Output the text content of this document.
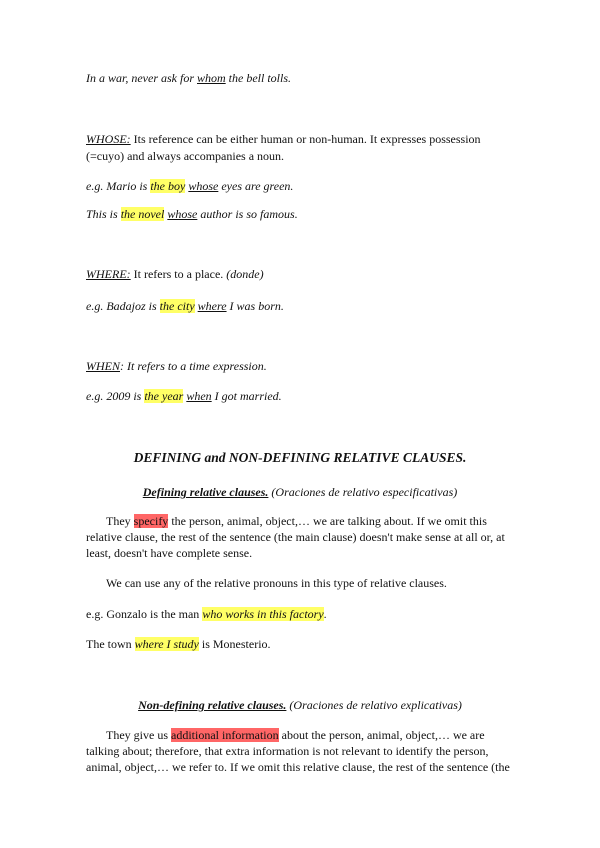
In a war, never ask for whom the bell tolls.
WHOSE: Its reference can be either human or non-human. It expresses possession
(=cuyo) and always accompanies a noun.
e.g. Mario is the boy whose eyes are green.
This is the novel whose author is so famous.
WHERE: It refers to a place. (donde)
e.g. Badajoz is the city where I was born.
WHEN: It refers to a time expression.
e.g. 2009 is the year when I got married.
DEFINING and NON-DEFINING RELATIVE CLAUSES.
Defining relative clauses. (Oraciones de relativo especificativas)
They specify the person, animal, object,… we are talking about. If we omit this relative clause, the rest of the sentence (the main clause) doesn't make sense at all or, at least, doesn't have complete sense.
We can use any of the relative pronouns in this type of relative clauses.
e.g. Gonzalo is the man who works in this factory.
The town where I study is Monesterio.
Non-defining relative clauses. (Oraciones de relativo explicativas)
They give us additional information about the person, animal, object,… we are talking about; therefore, that extra information is not relevant to identify the person, animal, object,… we refer to. If we omit this relative clause, the rest of the sentence (the
